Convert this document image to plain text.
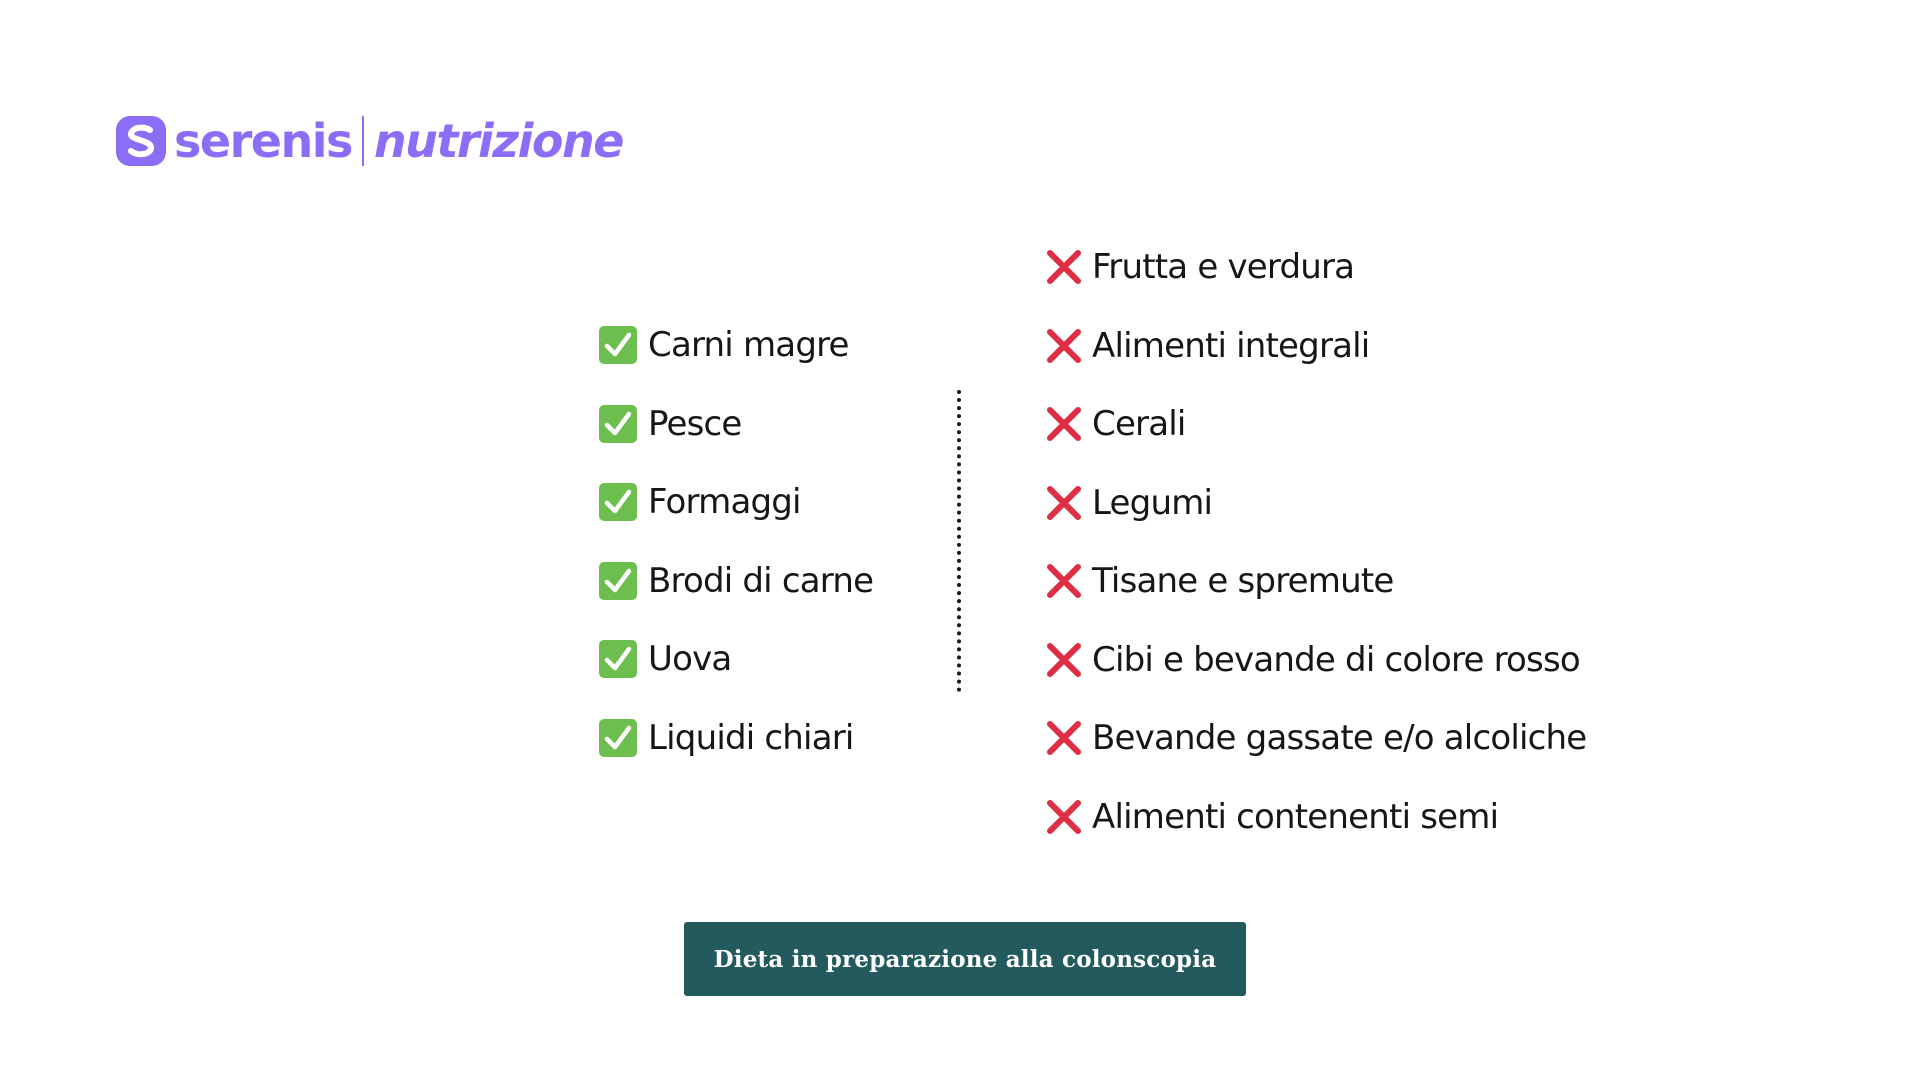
serenis nutrizione
Carni magre
Pesce
Formaggi
Brodi di carne
Uova
Liquidi chiari
Frutta e verdura
Alimenti integrali
Cerali
Legumi
Tisane e spremute
Cibi e bevande di colore rosso
Bevande gassate e/o alcoliche
Alimenti contenenti semi
Dieta in preparazione alla colonscopia
